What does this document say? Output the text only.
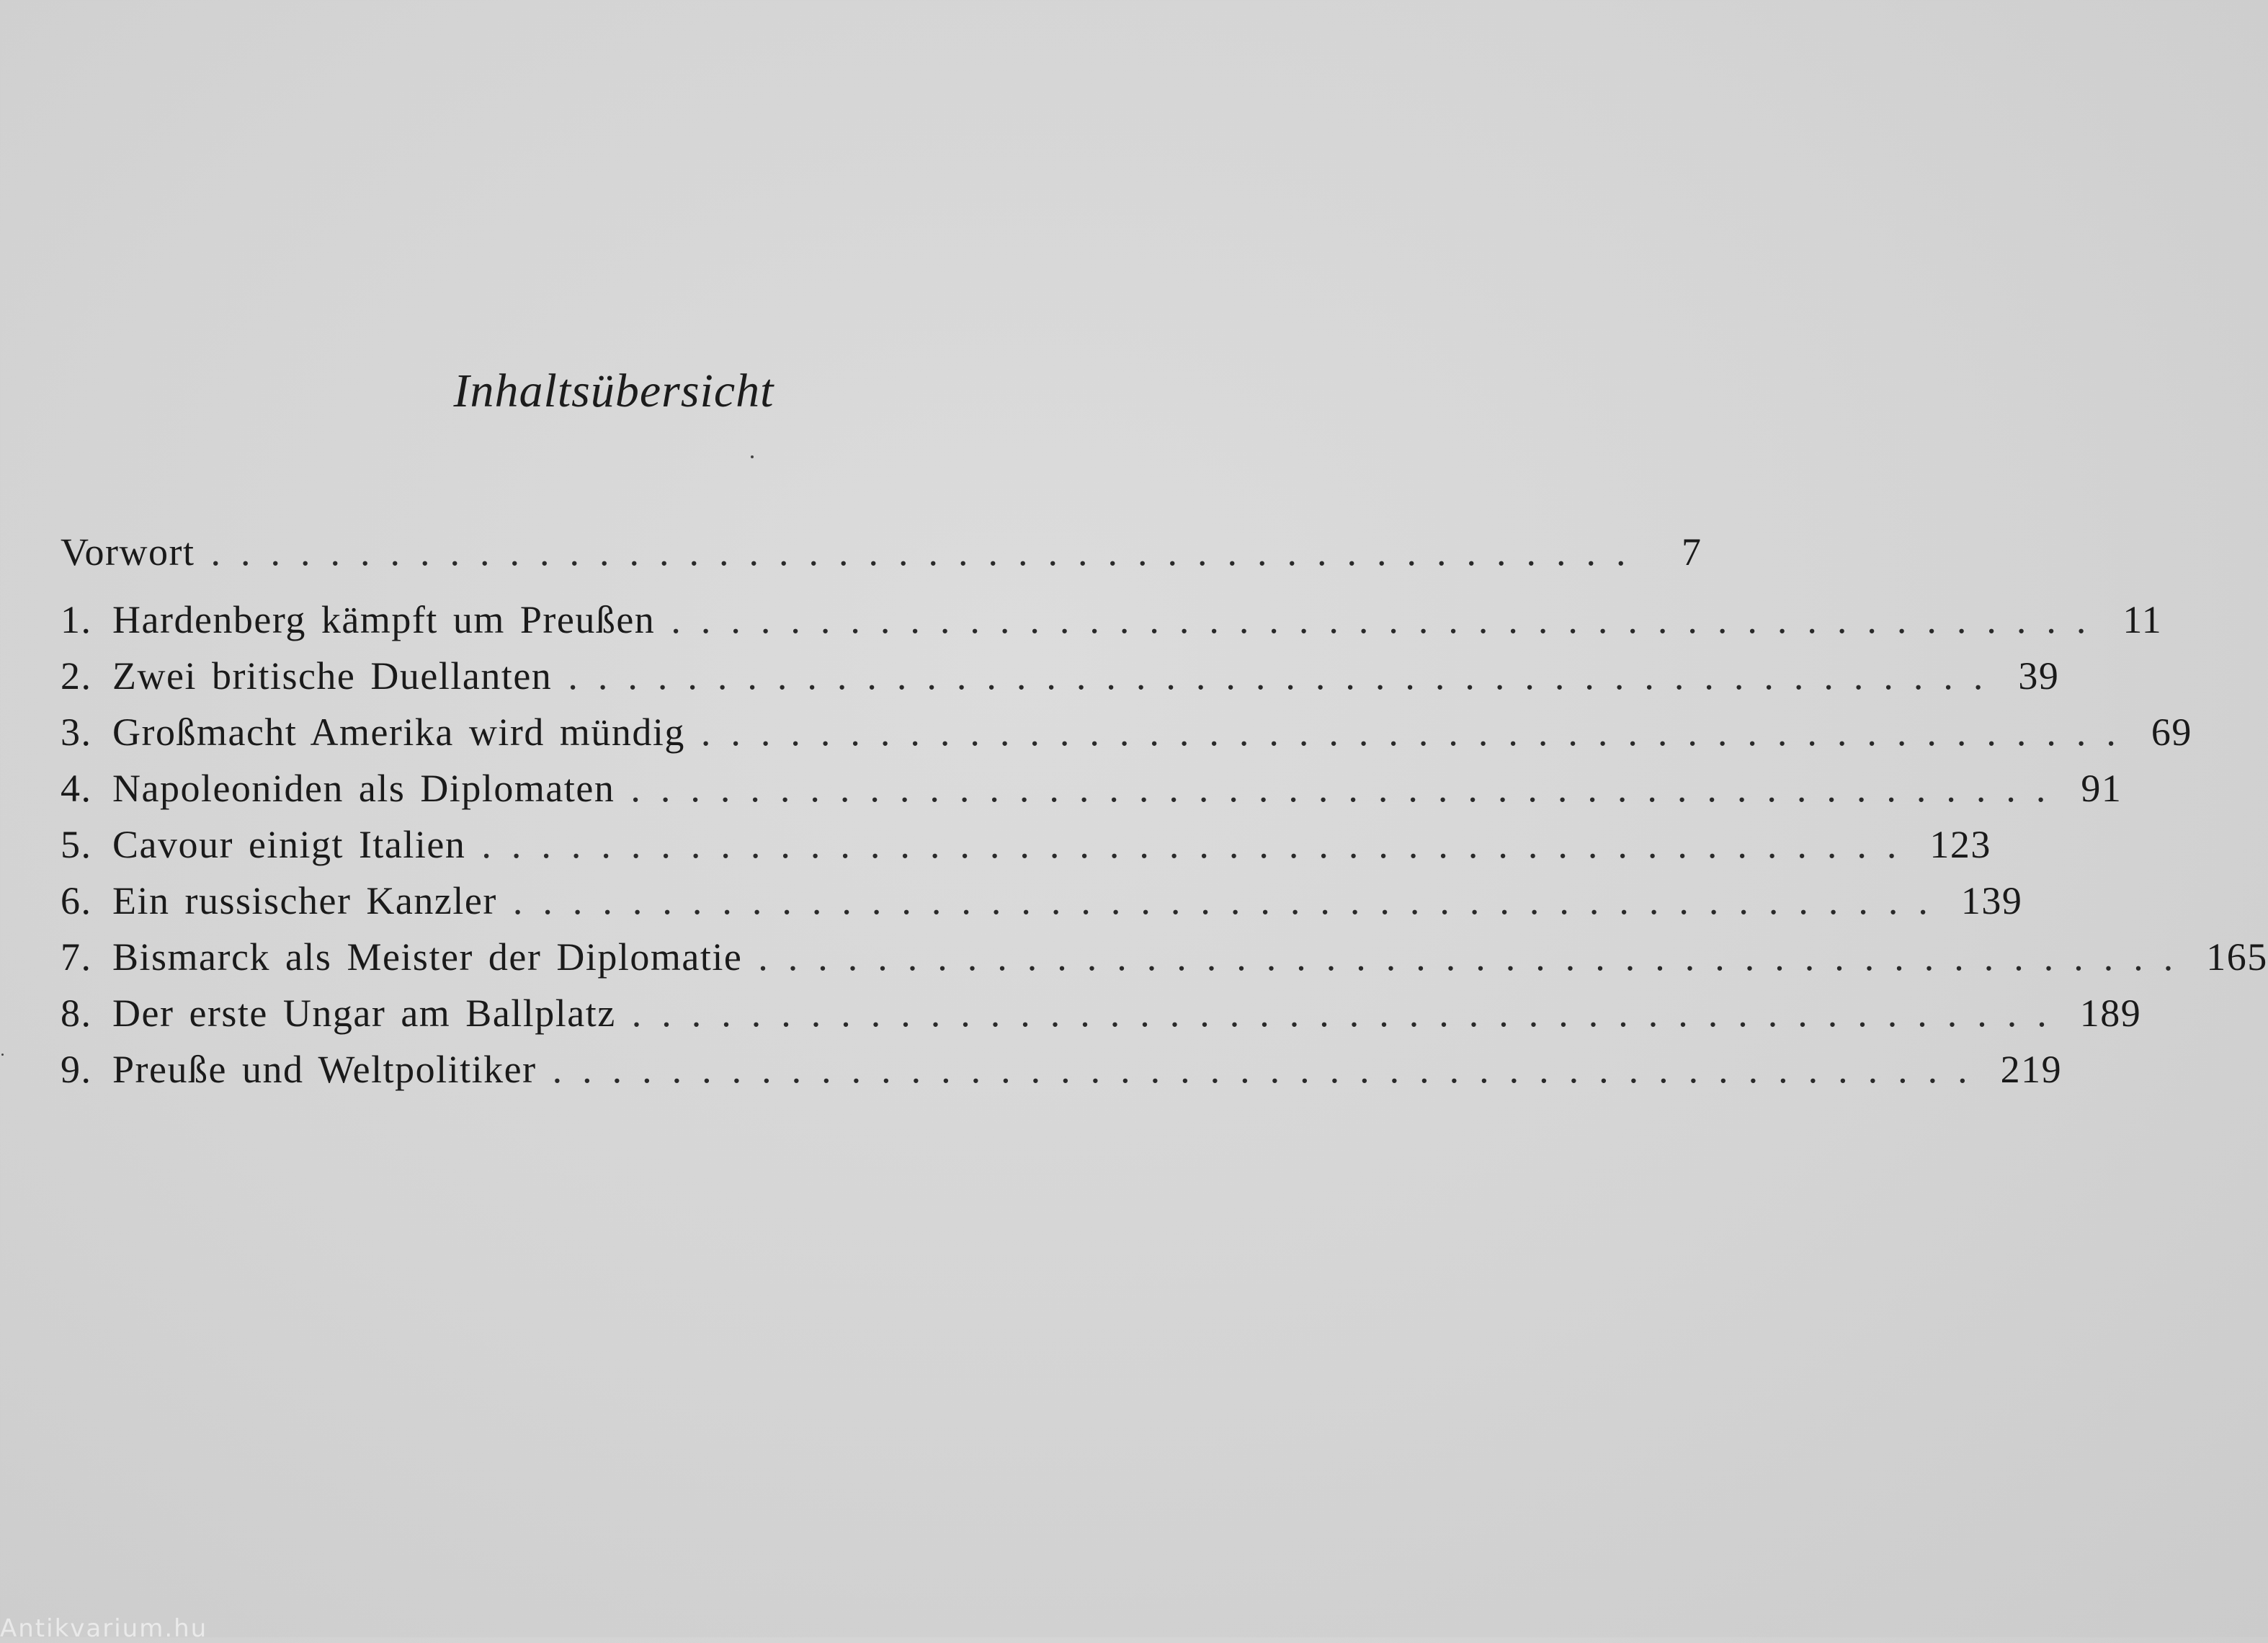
Inhaltsübersicht
Vorwort ................................................ 7
1. Hardenberg kämpft um Preußen ................................................ 11
2. Zwei britische Duellanten ................................................ 39
3. Großmacht Amerika wird mündig ................................................ 69
4. Napoleoniden als Diplomaten ................................................ 91
5. Cavour einigt Italien ................................................ 123
6. Ein russischer Kanzler ................................................ 139
7. Bismarck als Meister der Diplomatie ................................................ 165
8. Der erste Ungar am Ballplatz ................................................ 189
9. Preuße und Weltpolitiker ................................................ 219
Antikvarium.hu
